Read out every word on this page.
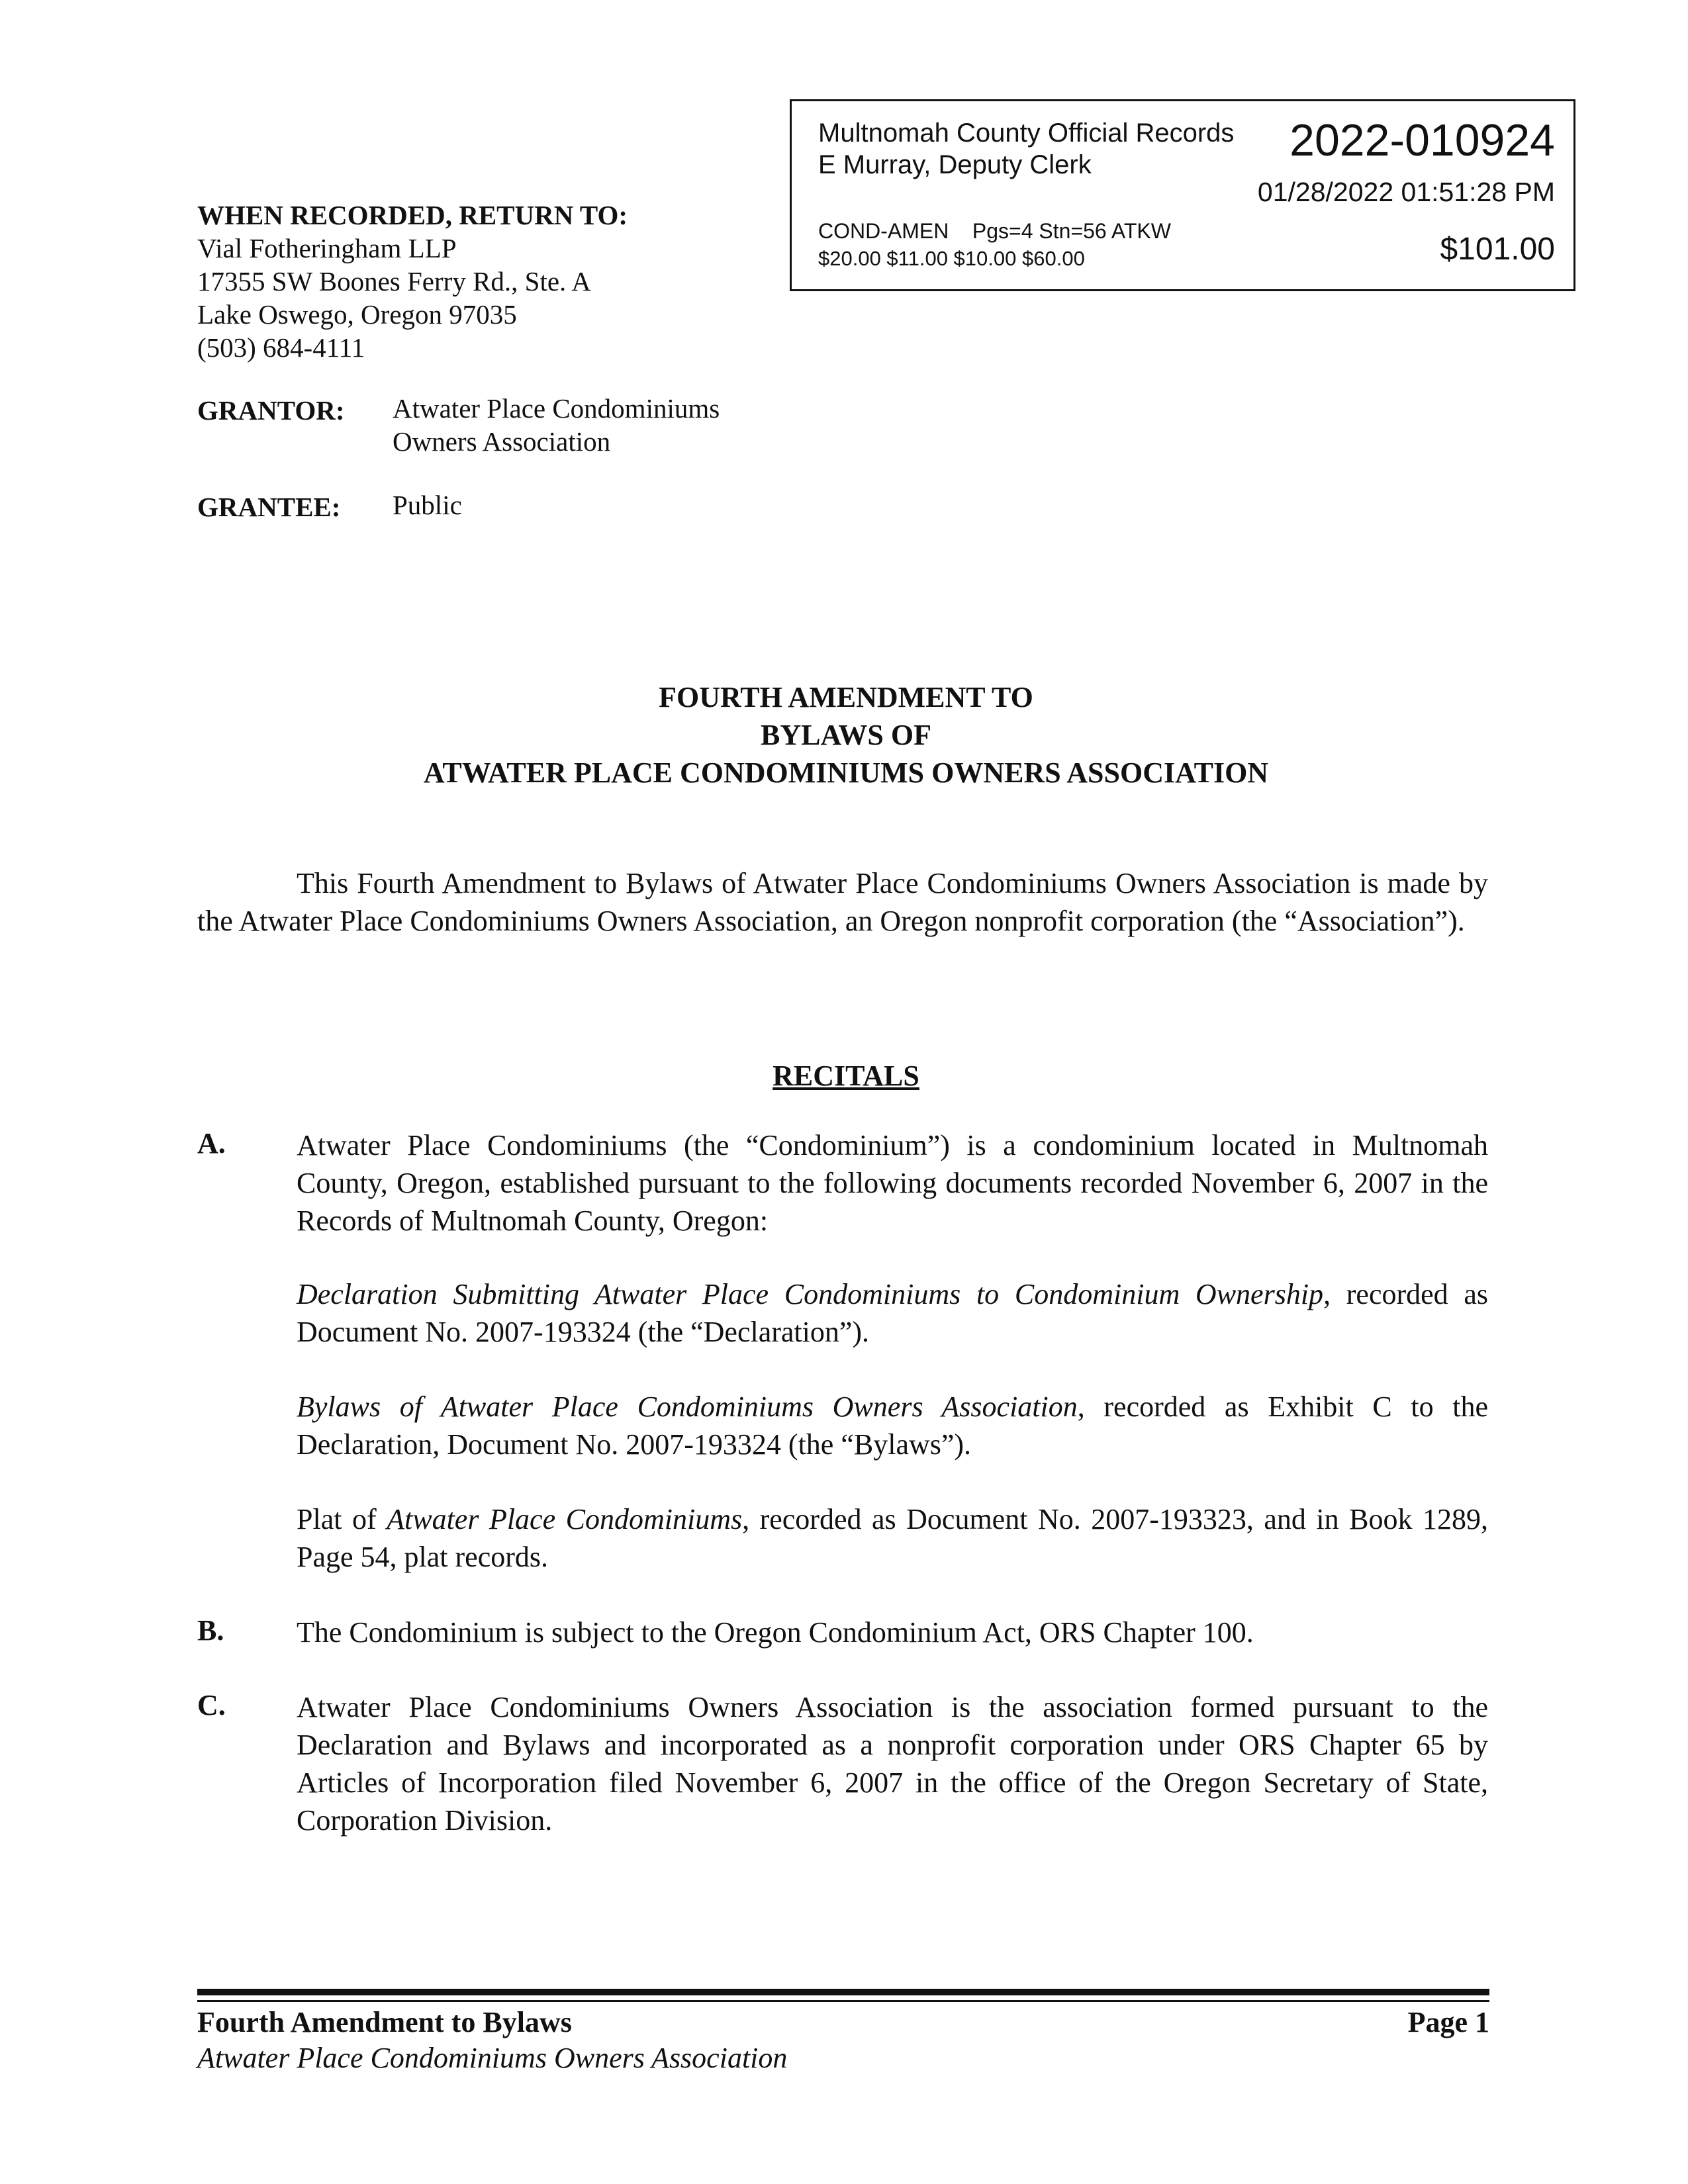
Multnomah County Official Records
E Murray, Deputy Clerk	2022-010924
01/28/2022 01:51:28 PM
COND-AMEN    Pgs=4 Stn=56 ATKW
$20.00 $11.00 $10.00 $60.00	$101.00
WHEN RECORDED, RETURN TO:
Vial Fotheringham LLP
17355 SW Boones Ferry Rd., Ste. A
Lake Oswego, Oregon 97035
(503) 684-4111
GRANTOR: Atwater Place Condominiums
Owners Association
GRANTEE: Public
FOURTH AMENDMENT TO
BYLAWS OF
ATWATER PLACE CONDOMINIUMS OWNERS ASSOCIATION
This Fourth Amendment to Bylaws of Atwater Place Condominiums Owners Association is made by the Atwater Place Condominiums Owners Association, an Oregon nonprofit corporation (the “Association”).
RECITALS
A. Atwater Place Condominiums (the “Condominium”) is a condominium located in Multnomah County, Oregon, established pursuant to the following documents recorded November 6, 2007 in the Records of Multnomah County, Oregon:
Declaration Submitting Atwater Place Condominiums to Condominium Ownership, recorded as Document No. 2007-193324 (the “Declaration”).
Bylaws of Atwater Place Condominiums Owners Association, recorded as Exhibit C to the Declaration, Document No. 2007-193324 (the “Bylaws”).
Plat of Atwater Place Condominiums, recorded as Document No. 2007-193323, and in Book 1289, Page 54, plat records.
B. The Condominium is subject to the Oregon Condominium Act, ORS Chapter 100.
C. Atwater Place Condominiums Owners Association is the association formed pursuant to the Declaration and Bylaws and incorporated as a nonprofit corporation under ORS Chapter 65 by Articles of Incorporation filed November 6, 2007 in the office of the Oregon Secretary of State, Corporation Division.
Fourth Amendment to Bylaws	Page 1
Atwater Place Condominiums Owners Association
